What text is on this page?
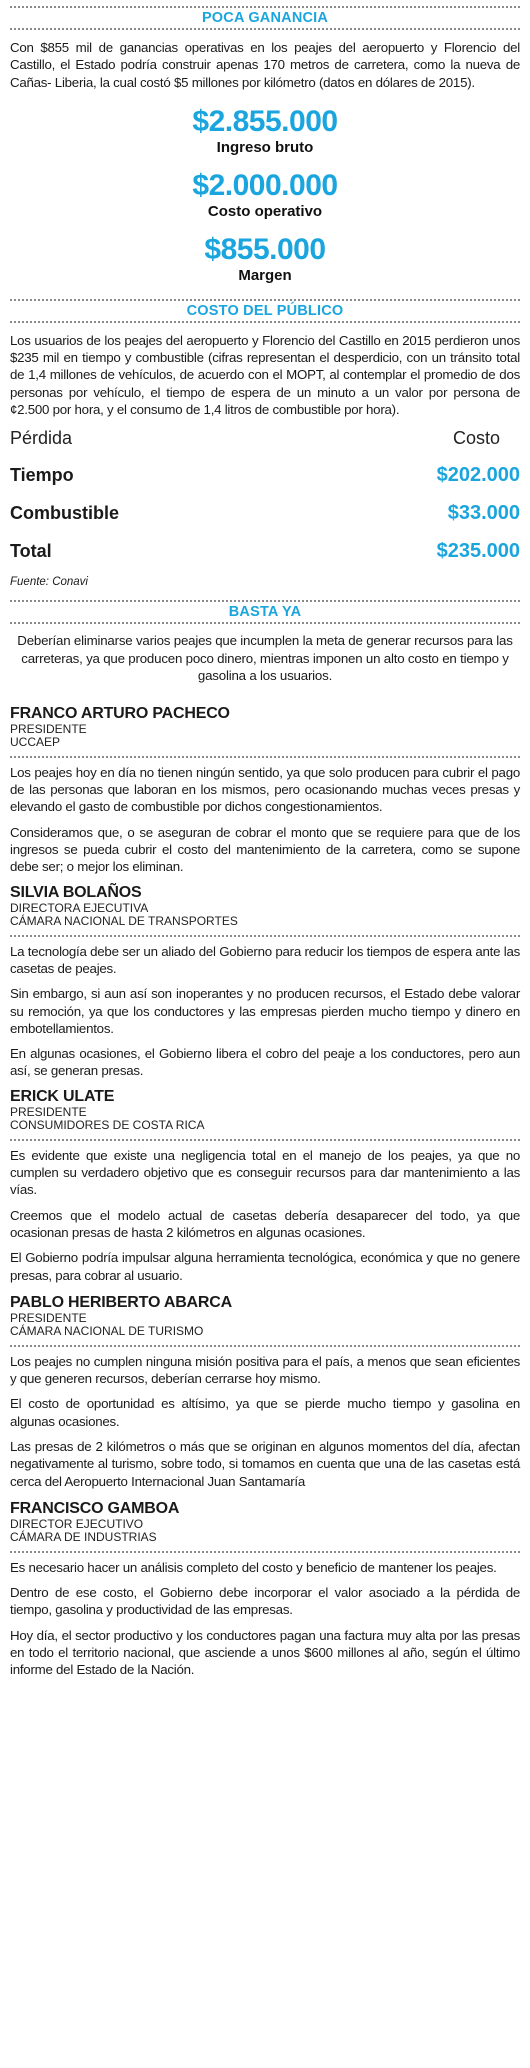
POCA GANANCIA

Con $855 mil de ganancias operativas en los peajes del aeropuerto y Florencio del Castillo, el Estado podría construir apenas 170 metros de carretera, como la nueva de Cañas- Liberia, la cual costó $5 millones por kilómetro (datos en dólares de 2015).

$2.855.000
Ingreso bruto
$2.000.000
Costo operativo
$855.000
Margen
COSTO DEL PÚBLICO

Los usuarios de los peajes del aeropuerto y Florencio del Castillo en 2015 perdieron unos $235 mil en tiempo y combustible (cifras representan el desperdicio, con un tránsito total de 1,4 millones de vehículos, de acuerdo con el MOPT, al contemplar el promedio de dos personas por vehículo, el tiempo de espera de un minuto a un valor por persona de ¢2.500 por hora, y el consumo de 1,4 litros de combustible por hora).

Pérdida	Costo
Tiempo	$202.000
Combustible	$33.000
Total	$235.000

Fuente: Conavi

BASTA YA

Deberían eliminarse varios peajes que incumplen la meta de generar recursos para las carreteras, ya que producen poco dinero, mientras imponen un alto costo en tiempo y gasolina a los usuarios.

FRANCO ARTURO PACHECO
PRESIDENTE
UCCAEP

Los peajes hoy en día no tienen ningún sentido, ya que solo producen para cubrir el pago de las personas que laboran en los mismos, pero ocasionando muchas veces presas y elevando el gasto de combustible por dichos congestionamientos.

Consideramos que, o se aseguran de cobrar el monto que se requiere para que de los ingresos se pueda cubrir el costo del mantenimiento de la carretera, como se supone debe ser; o mejor los eliminan.

SILVIA BOLAÑOS
DIRECTORA EJECUTIVA
CÁMARA NACIONAL DE TRANSPORTES

La tecnología debe ser un aliado del Gobierno para reducir los tiempos de espera ante las casetas de peajes.

Sin embargo, si aun así son inoperantes y no producen recursos, el Estado debe valorar su remoción, ya que los conductores y las empresas pierden mucho tiempo y dinero en embotellamientos.

En algunas ocasiones, el Gobierno libera el cobro del peaje a los conductores, pero aun así, se generan presas.

ERICK ULATE
PRESIDENTE
CONSUMIDORES DE COSTA RICA

Es evidente que existe una negligencia total en el manejo de los peajes, ya que no cumplen su verdadero objetivo que es conseguir recursos para dar mantenimiento a las vías.

Creemos que el modelo actual de casetas debería desaparecer del todo, ya que ocasionan presas de hasta 2 kilómetros en algunas ocasiones.

El Gobierno podría impulsar alguna herramienta tecnológica, económica y que no genere presas, para cobrar al usuario.

PABLO HERIBERTO ABARCA
PRESIDENTE
CÁMARA NACIONAL DE TURISMO

Los peajes no cumplen ninguna misión positiva para el país, a menos que sean eficientes y que generen recursos, deberían cerrarse hoy mismo.

El costo de oportunidad es altísimo, ya que se pierde mucho tiempo y gasolina en algunas ocasiones.

Las presas de 2 kilómetros o más que se originan en algunos momentos del día, afectan negativamente al turismo, sobre todo, si tomamos en cuenta que una de las casetas está cerca del Aeropuerto Internacional Juan Santamaría

FRANCISCO GAMBOA
DIRECTOR EJECUTIVO
CÁMARA DE INDUSTRIAS

Es necesario hacer un análisis completo del costo y beneficio de mantener los peajes.

Dentro de ese costo, el Gobierno debe incorporar el valor asociado a la pérdida de tiempo, gasolina y productividad de las empresas.

Hoy día, el sector productivo y los conductores pagan una factura muy alta por las presas en todo el territorio nacional, que asciende a unos $600 millones al año, según el último informe del Estado de la Nación.
